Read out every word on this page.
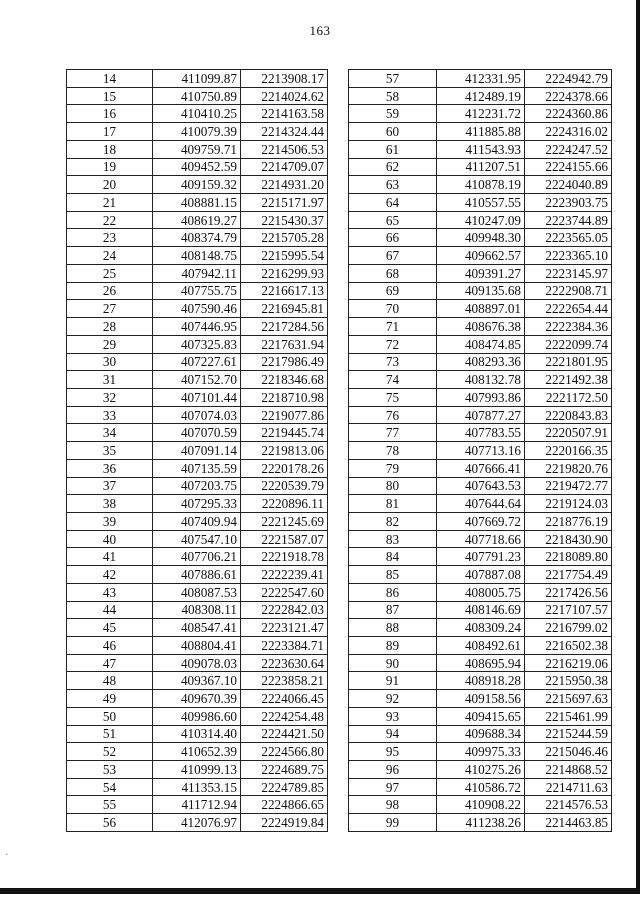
163
14	411099.87	2213908.17
15	410750.89	2214024.62
16	410410.25	2214163.58
17	410079.39	2214324.44
18	409759.71	2214506.53
19	409452.59	2214709.07
20	409159.32	2214931.20
21	408881.15	2215171.97
22	408619.27	2215430.37
23	408374.79	2215705.28
24	408148.75	2215995.54
25	407942.11	2216299.93
26	407755.75	2216617.13
27	407590.46	2216945.81
28	407446.95	2217284.56
29	407325.83	2217631.94
30	407227.61	2217986.49
31	407152.70	2218346.68
32	407101.44	2218710.98
33	407074.03	2219077.86
34	407070.59	2219445.74
35	407091.14	2219813.06
36	407135.59	2220178.26
37	407203.75	2220539.79
38	407295.33	2220896.11
39	407409.94	2221245.69
40	407547.10	2221587.07
41	407706.21	2221918.78
42	407886.61	2222239.41
43	408087.53	2222547.60
44	408308.11	2222842.03
45	408547.41	2223121.47
46	408804.41	2223384.71
47	409078.03	2223630.64
48	409367.10	2223858.21
49	409670.39	2224066.45
50	409986.60	2224254.48
51	410314.40	2224421.50
52	410652.39	2224566.80
53	410999.13	2224689.75
54	411353.15	2224789.85
55	411712.94	2224866.65
56	412076.97	2224919.84
57	412331.95	2224942.79
58	412489.19	2224378.66
59	412231.72	2224360.86
60	411885.88	2224316.02
61	411543.93	2224247.52
62	411207.51	2224155.66
63	410878.19	2224040.89
64	410557.55	2223903.75
65	410247.09	2223744.89
66	409948.30	2223565.05
67	409662.57	2223365.10
68	409391.27	2223145.97
69	409135.68	2222908.71
70	408897.01	2222654.44
71	408676.38	2222384.36
72	408474.85	2222099.74
73	408293.36	2221801.95
74	408132.78	2221492.38
75	407993.86	2221172.50
76	407877.27	2220843.83
77	407783.55	2220507.91
78	407713.16	2220166.35
79	407666.41	2219820.76
80	407643.53	2219472.77
81	407644.64	2219124.03
82	407669.72	2218776.19
83	407718.66	2218430.90
84	407791.23	2218089.80
85	407887.08	2217754.49
86	408005.75	2217426.56
87	408146.69	2217107.57
88	408309.24	2216799.02
89	408492.61	2216502.38
90	408695.94	2216219.06
91	408918.28	2215950.38
92	409158.56	2215697.63
93	409415.65	2215461.99
94	409688.34	2215244.59
95	409975.33	2215046.46
96	410275.26	2214868.52
97	410586.72	2214711.63
98	410908.22	2214576.53
99	411238.26	2214463.85
·
